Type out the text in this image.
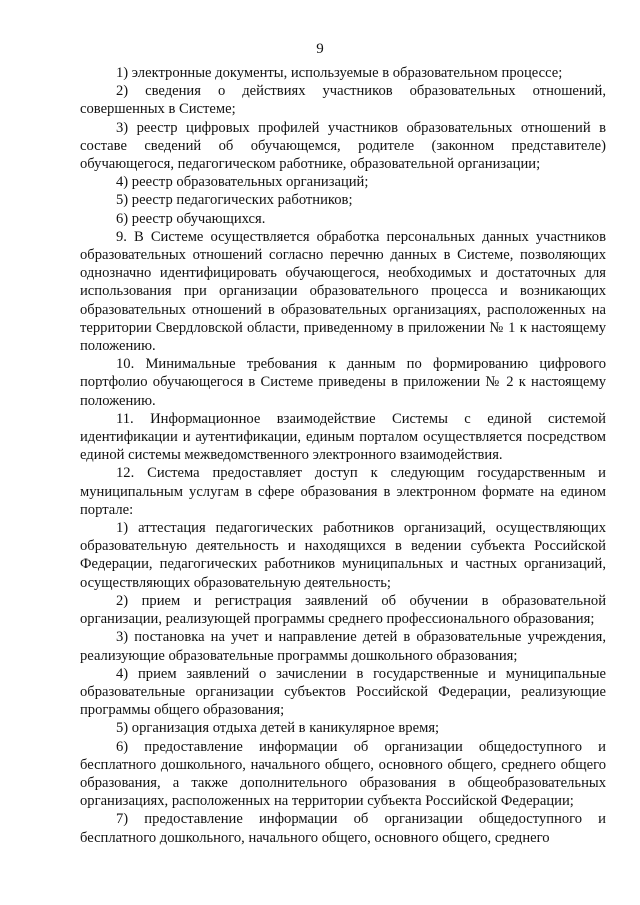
9

1) электронные документы, используемые в образовательном процессе;

2) сведения о действиях участников образовательных отношений, совершенных в Системе;

3) реестр цифровых профилей участников образовательных отношений в составе сведений об обучающемся, родителе (законном представителе) обучающегося, педагогическом работнике, образовательной организации;

4) реестр образовательных организаций;

5) реестр педагогических работников;

6) реестр обучающихся.

9. В Системе осуществляется обработка персональных данных участников образовательных отношений согласно перечню данных в Системе, позволяющих однозначно идентифицировать обучающегося, необходимых и достаточных для использования при организации образовательного процесса и возникающих образовательных отношений в образовательных организациях, расположенных на территории Свердловской области, приведенному в приложении № 1 к настоящему положению.

10. Минимальные требования к данным по формированию цифрового портфолио обучающегося в Системе приведены в приложении № 2 к настоящему положению.

11. Информационное взаимодействие Системы с единой системой идентификации и аутентификации, единым порталом осуществляется посредством единой системы межведомственного электронного взаимодействия.

12. Система предоставляет доступ к следующим государственным и муниципальным услугам в сфере образования в электронном формате на едином портале:

1) аттестация педагогических работников организаций, осуществляющих образовательную деятельность и находящихся в ведении субъекта Российской Федерации, педагогических работников муниципальных и частных организаций, осуществляющих образовательную деятельность;

2) прием и регистрация заявлений об обучении в образовательной организации, реализующей программы среднего профессионального образования;

3) постановка на учет и направление детей в образовательные учреждения, реализующие образовательные программы дошкольного образования;

4) прием заявлений о зачислении в государственные и муниципальные образовательные организации субъектов Российской Федерации, реализующие программы общего образования;

5) организация отдыха детей в каникулярное время;

6) предоставление информации об организации общедоступного и бесплатного дошкольного, начального общего, основного общего, среднего общего образования, а также дополнительного образования в общеобразовательных организациях, расположенных на территории субъекта Российской Федерации;

7) предоставление информации об организации общедоступного и бесплатного дошкольного, начального общего, основного общего, среднего
